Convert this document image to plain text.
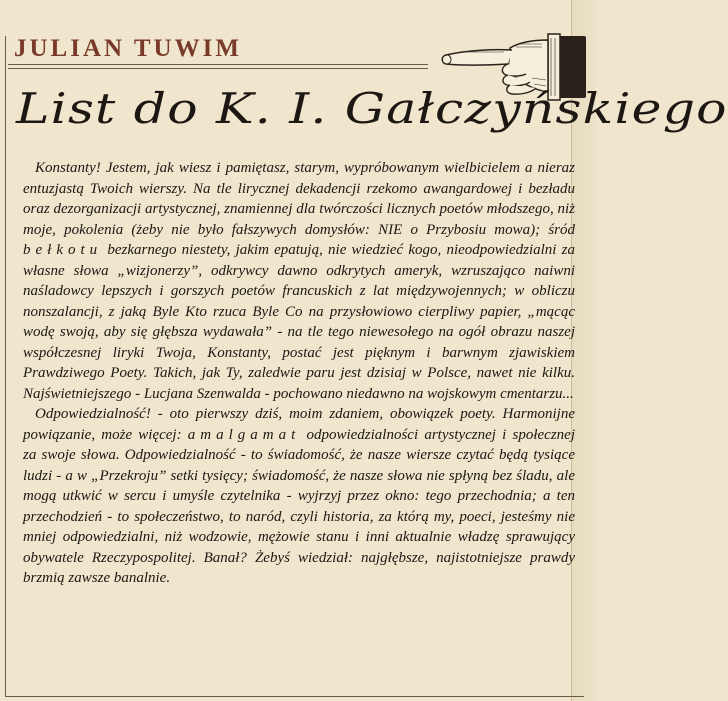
JULIAN TUWIM
List do K. I. Gałczyńskiego

Konstanty! Jestem, jak wiesz i pamiętasz, starym, wypróbowanym wielbicielem a nieraz entuzjastą Twoich wierszy. Na tle lirycznej dekadencji rzekomo awangardowej i bezładu oraz dezorganizacji artystycznej, znamiennej dla twórczości licznych poetów młodszego, niż moje, pokolenia (żeby nie było fałszywych domysłów: NIE o Przybosiu mowa); śród bełkotu bezkarnego niestety, jakim epatują, nie wiedzieć kogo, nieodpowiedzialni za własne słowa „wizjonerzy”, odkrywcy dawno odkrytych ameryk, wzruszająco naiwni naśladowcy lepszych i gorszych poetów francuskich z lat międzywojennych; w obliczu nonszalancji, z jaką Byle Kto rzuca Byle Co na przysłowiowo cierpliwy papier, „mącąc wodę swoją, aby się głębsza wydawała” - na tle tego niewesołego na ogół obrazu naszej współczesnej liryki Twoja, Konstanty, postać jest pięknym i barwnym zjawiskiem Prawdziwego Poety. Takich, jak Ty, zaledwie paru jest dzisiaj w Polsce, nawet nie kilku. Najświetniejszego - Lucjana Szenwalda - pochowano niedawno na wojskowym cmentarzu...

Odpowiedzialność! - oto pierwszy dziś, moim zdaniem, obowiązek poety. Harmonijne powiązanie, może więcej: amalgamat odpowiedzialności artystycznej i społecznej za swoje słowa. Odpowiedzialność - to świadomość, że nasze wiersze czytać będą tysiące ludzi - a w „Przekroju” setki tysięcy; świadomość, że nasze słowa nie spłyną bez śladu, ale mogą utkwić w sercu i umyśle czytelnika - wyjrzyj przez okno: tego przechodnia; a ten przechodzień - to społeczeństwo, to naród, czyli historia, za którą my, poeci, jesteśmy nie mniej odpowiedzialni, niż wodzowie, mężowie stanu i inni aktualnie władzę sprawujący obywatele Rzeczypospolitej. Banał? Żebyś wiedział: najgłębsze, najistotniejsze prawdy brzmią zawsze banalnie.
